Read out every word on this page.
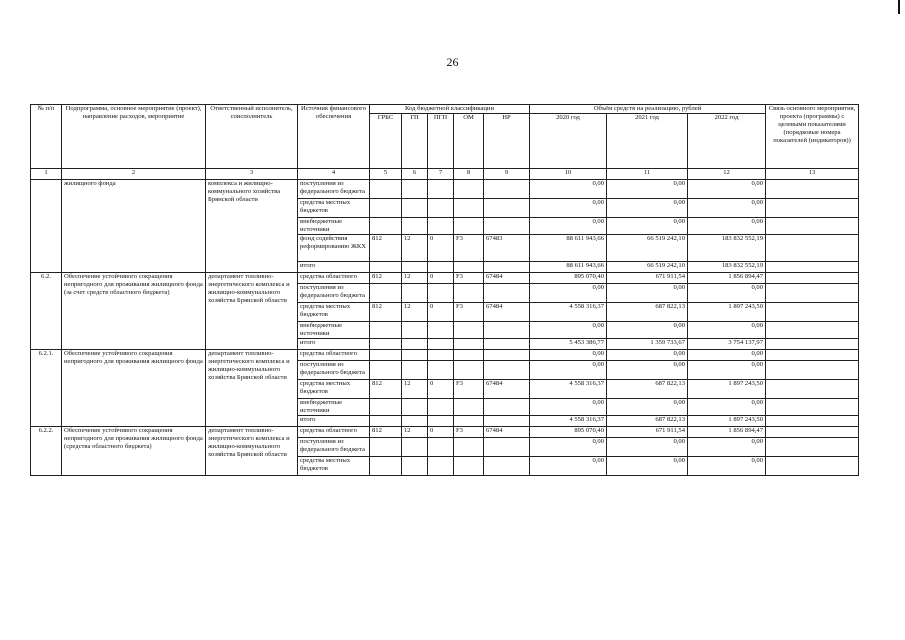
26
№ п/п	Подпрограмма, основное мероприятие (проект), направление расходов, мероприятие	Ответственный исполнитель, соисполнитель	Источник финансового обеспечения	Код бюджетной классификации					Объём средств на реализацию, рублей			Связь основного мероприятия, проекта (программы) с целевыми показателями (порядковые номера показателей (индикаторов))
				ГРБС	ГП	ПГП	ОМ	НР	2020 год	2021 год	2022 год	
1	2	3	4	5	6	7	8	9	10	11	12	13
	жилищного фонда	комплекса и жилищно-коммунального хозяйства Брянской области	поступления из федерального бюджета						0,00	0,00	0,00	
			средства местных бюджетов						0,00	0,00	0,00	
			внебюджетные источники						0,00	0,00	0,00	
			фонд содействия реформированию ЖКХ	812	12	0	F3	67483	88 611 943,66	66 519 242,10	183 832 552,19	
			итого						88 611 943,66	66 519 242,10	183 832 552,19	
6.2.	Обеспечение устойчивого сокращения непригодного для проживания жилищного фонда (за счет средств областного бюджета)	департамент топливно-энергетического комплекса и жилищно-коммунального хозяйства Брянской области	средства областного	812	12	0	F3	67484	895 070,40	671 911,54	1 856 894,47	
			поступления из федерального бюджета						0,00	0,00	0,00	
			средства местных бюджетов	812	12	0	F3	67484	4 558 316,37	687 822,13	1 897 243,50	
			внебюджетные источники						0,00	0,00	0,00	
			итого						5 453 386,77	1 359 733,67	3 754 137,97	
6.2.1.	Обеспечение устойчивого сокращения непригодного для проживания жилищного фонда	департамент топливно-энергетического комплекса и жилищно-коммунального хозяйства Брянской области	средства областного						0,00	0,00	0,00	
			поступления из федерального бюджета						0,00	0,00	0,00	
			средства местных бюджетов	812	12	0	F3	67484	4 558 316,37	687 822,13	1 897 243,50	
			внебюджетные источники						0,00	0,00	0,00	
			итого						4 558 316,37	687 822,13	1 897 243,50	
6.2.2.	Обеспечение устойчивого сокращения непригодного для проживания жилищного фонда (средства областного бюджета)	департамент топливно-энергетического комплекса и жилищно-коммунального хозяйства Брянской области	средства областного	812	12	0	F3	67484	895 070,40	671 911,54	1 856 894,47	
			поступления из федерального бюджета						0,00	0,00	0,00	
			средства местных бюджетов						0,00	0,00	0,00	
